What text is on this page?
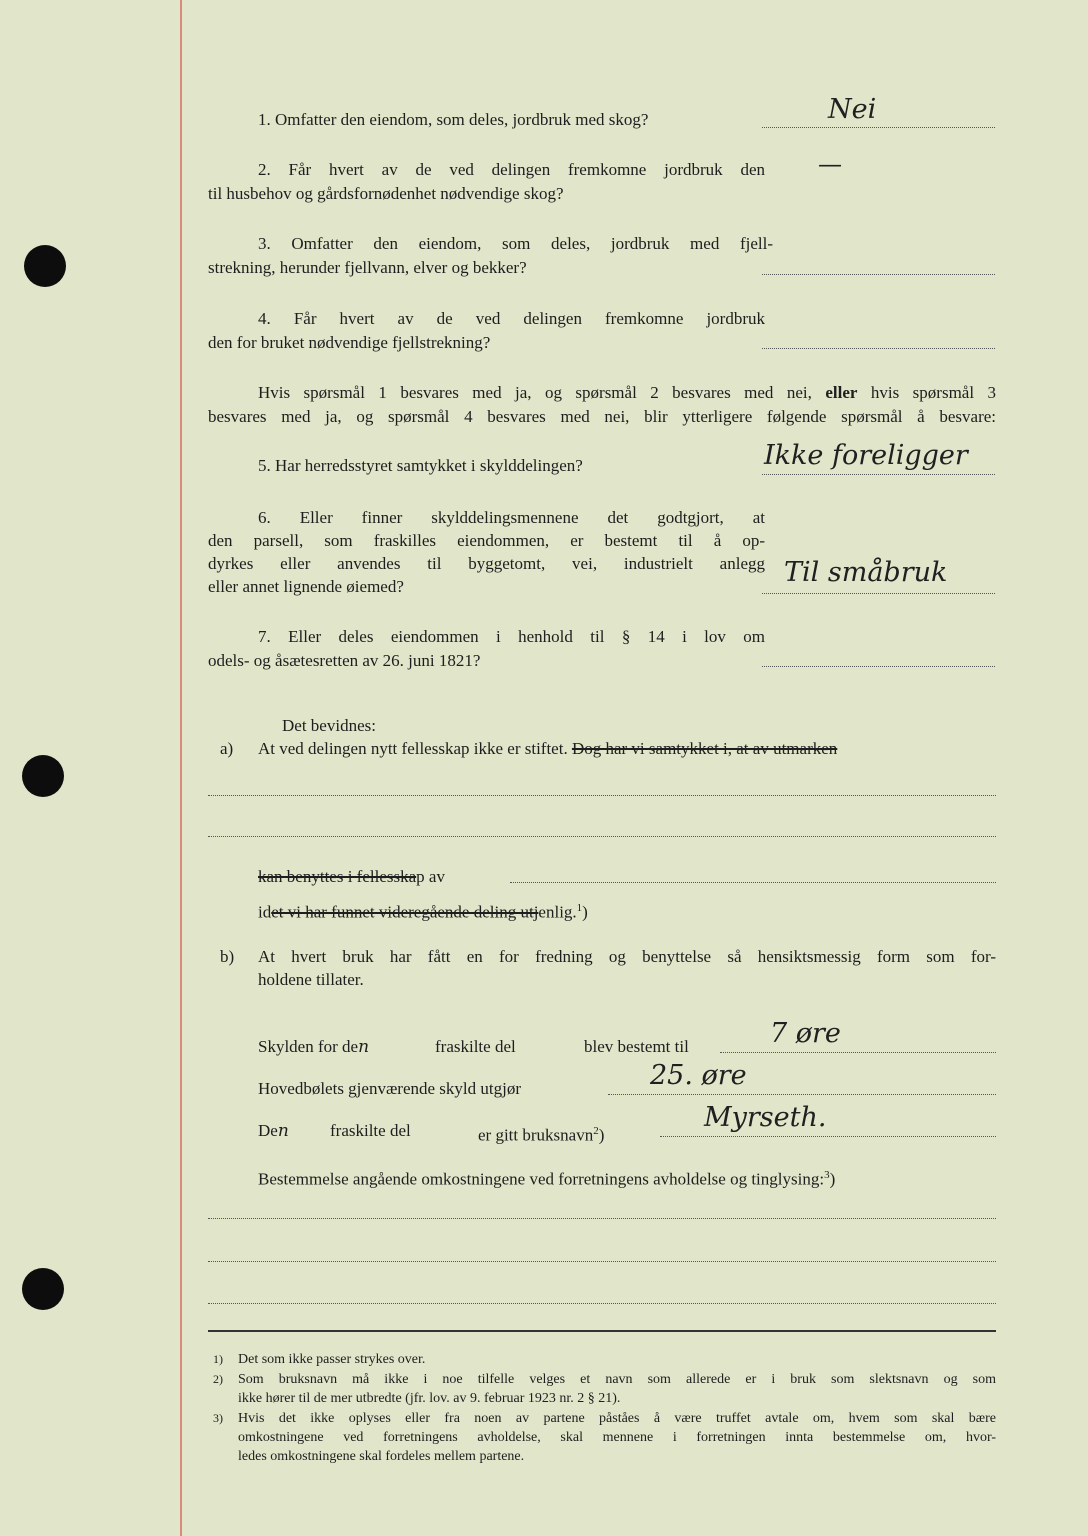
1. Omfatter den eiendom, som deles, jordbruk med skog?	Nei
2. Får hvert av de ved delingen fremkomne jordbruk den
til husbehov og gårdsfornødenhet nødvendige skog?
—
3. Omfatter den eiendom, som deles, jordbruk med fjell-
strekning, herunder fjellvann, elver og bekker?
4. Får hvert av de ved delingen fremkomne jordbruk
den for bruket nødvendige fjellstrekning?
Hvis spørsmål 1 besvares med ja, og spørsmål 2 besvares med nei, eller hvis spørsmål 3
besvares med ja, og spørsmål 4 besvares med nei, blir ytterligere følgende spørsmål å besvare:
5. Har herredsstyret samtykket i skylddelingen?	Ikke foreligger
6. Eller finner skylddelingsmennene det godtgjort, at
den parsell, som fraskilles eiendommen, er bestemt til å op-
dyrkes eller anvendes til byggetomt, vei, industrielt anlegg
eller annet lignende øiemed?	Til småbruk
7. Eller deles eiendommen i henhold til § 14 i lov om
odels- og åsætesretten av 26. juni 1821?
Det bevidnes:
a) At ved delingen nytt fellesskap ikke er stiftet. Dog har vi samtykket i, at av utmarken
kan benyttes i fellesskap av
idet vi har funnet videregående deling utjenlig.$^1$)
b) At hvert bruk har fått en for fredning og benyttelse så hensiktsmessig form som for-
holdene tillater.
Skylden for den	fraskilte del	blev bestemt til	7 øre
Hovedbølets gjenværende skyld utgjør	25. øre
Den fraskilte del	er gitt bruksnavn$^2$)
Myrseth.
Bestemmelse angående omkostningene ved forretningens avholdelse og tinglysing:$^3$)
1) Det som ikke passer strykes over.
2) Som bruksnavn må ikke i noe tilfelle velges et navn som allerede er i bruk som slektsnavn og som
ikke hører til de mer utbredte (jfr. lov. av 9. februar 1923 nr. 2 § 21).
3) Hvis det ikke oplyses eller fra noen av partene påståes å være truffet avtale om, hvem som skal bære
omkostningene ved forretningens avholdelse, skal mennene i forretningen innta bestemmelse om, hvor-
ledes omkostningene skal fordeles mellem partene.
